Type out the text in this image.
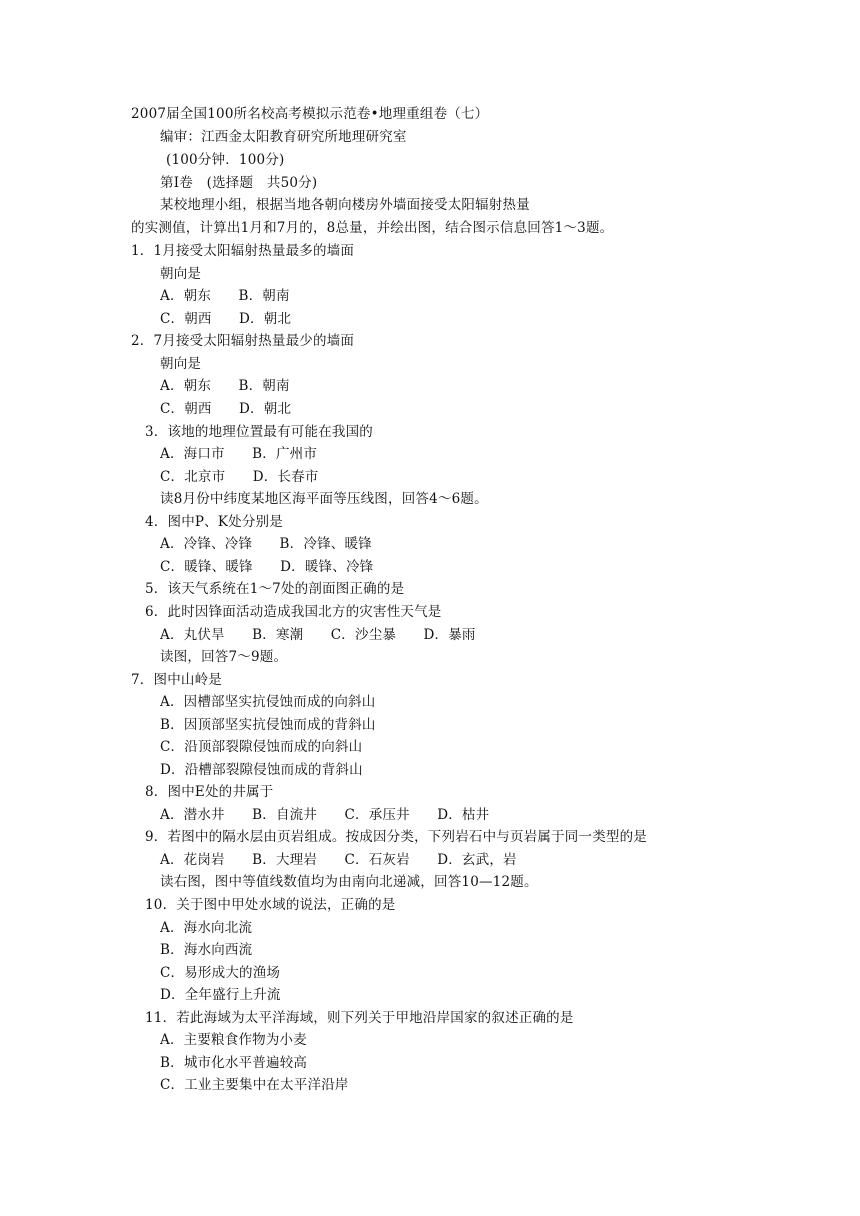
2007届全国100所名校高考模拟示范卷•地理重组卷（七）
编审：江西金太阳教育研究所地理研究室
(100分钟．100分)
第Ⅰ卷　(选择题　共50分)
某校地理小组，根据当地各朝向楼房外墙面接受太阳辐射热量
的实测值，计算出1月和7月的，8总量，并绘出图，结合图示信息回答1～3题。
1．1月接受太阳辐射热量最多的墙面
朝向是
A．朝东　　B．朝南
C．朝西　　D．朝北
2．7月接受太阳辐射热量最少的墙面
朝向是
A．朝东　　B．朝南
C．朝西　　D．朝北
3．该地的地理位置最有可能在我国的
A．海口市　　B．广州市
C．北京市　　D．长春市
读8月份中纬度某地区海平面等压线图，回答4～6题。
4．图中P、K处分别是
A．冷锋、冷锋　　B．冷锋、暖锋
C．暖锋、暖锋　　D．暖锋、冷锋
5．该天气系统在1～7处的剖面图正确的是
6．此时因锋面活动造成我国北方的灾害性天气是
A．丸伏旱　　B．寒潮　　C．沙尘暴　　D．暴雨
读图，回答7～9题。
7．图中山岭是
A．因槽部坚实抗侵蚀而成的向斜山
B．因顶部坚实抗侵蚀而成的背斜山
C．沿顶部裂隙侵蚀而成的向斜山
D．沿槽部裂隙侵蚀而成的背斜山
8．图中E处的井属于
A．潜水井　　B．自流井　　C．承压井　　D．枯井
9．若图中的隔水层由页岩组成。按成因分类，下列岩石中与页岩属于同一类型的是
A．花岗岩　　B．大理岩　　C．石灰岩　　D．玄武，岩
读右图，图中等值线数值均为由南向北递减，回答10—12题。
10．关于图中甲处水域的说法，正确的是
A．海水向北流
B．海水向西流
C．易形成大的渔场
D．全年盛行上升流
11．若此海域为太平洋海域，则下列关于甲地沿岸国家的叙述正确的是
A．主要粮食作物为小麦
B．城市化水平普遍较高
C．工业主要集中在太平洋沿岸
